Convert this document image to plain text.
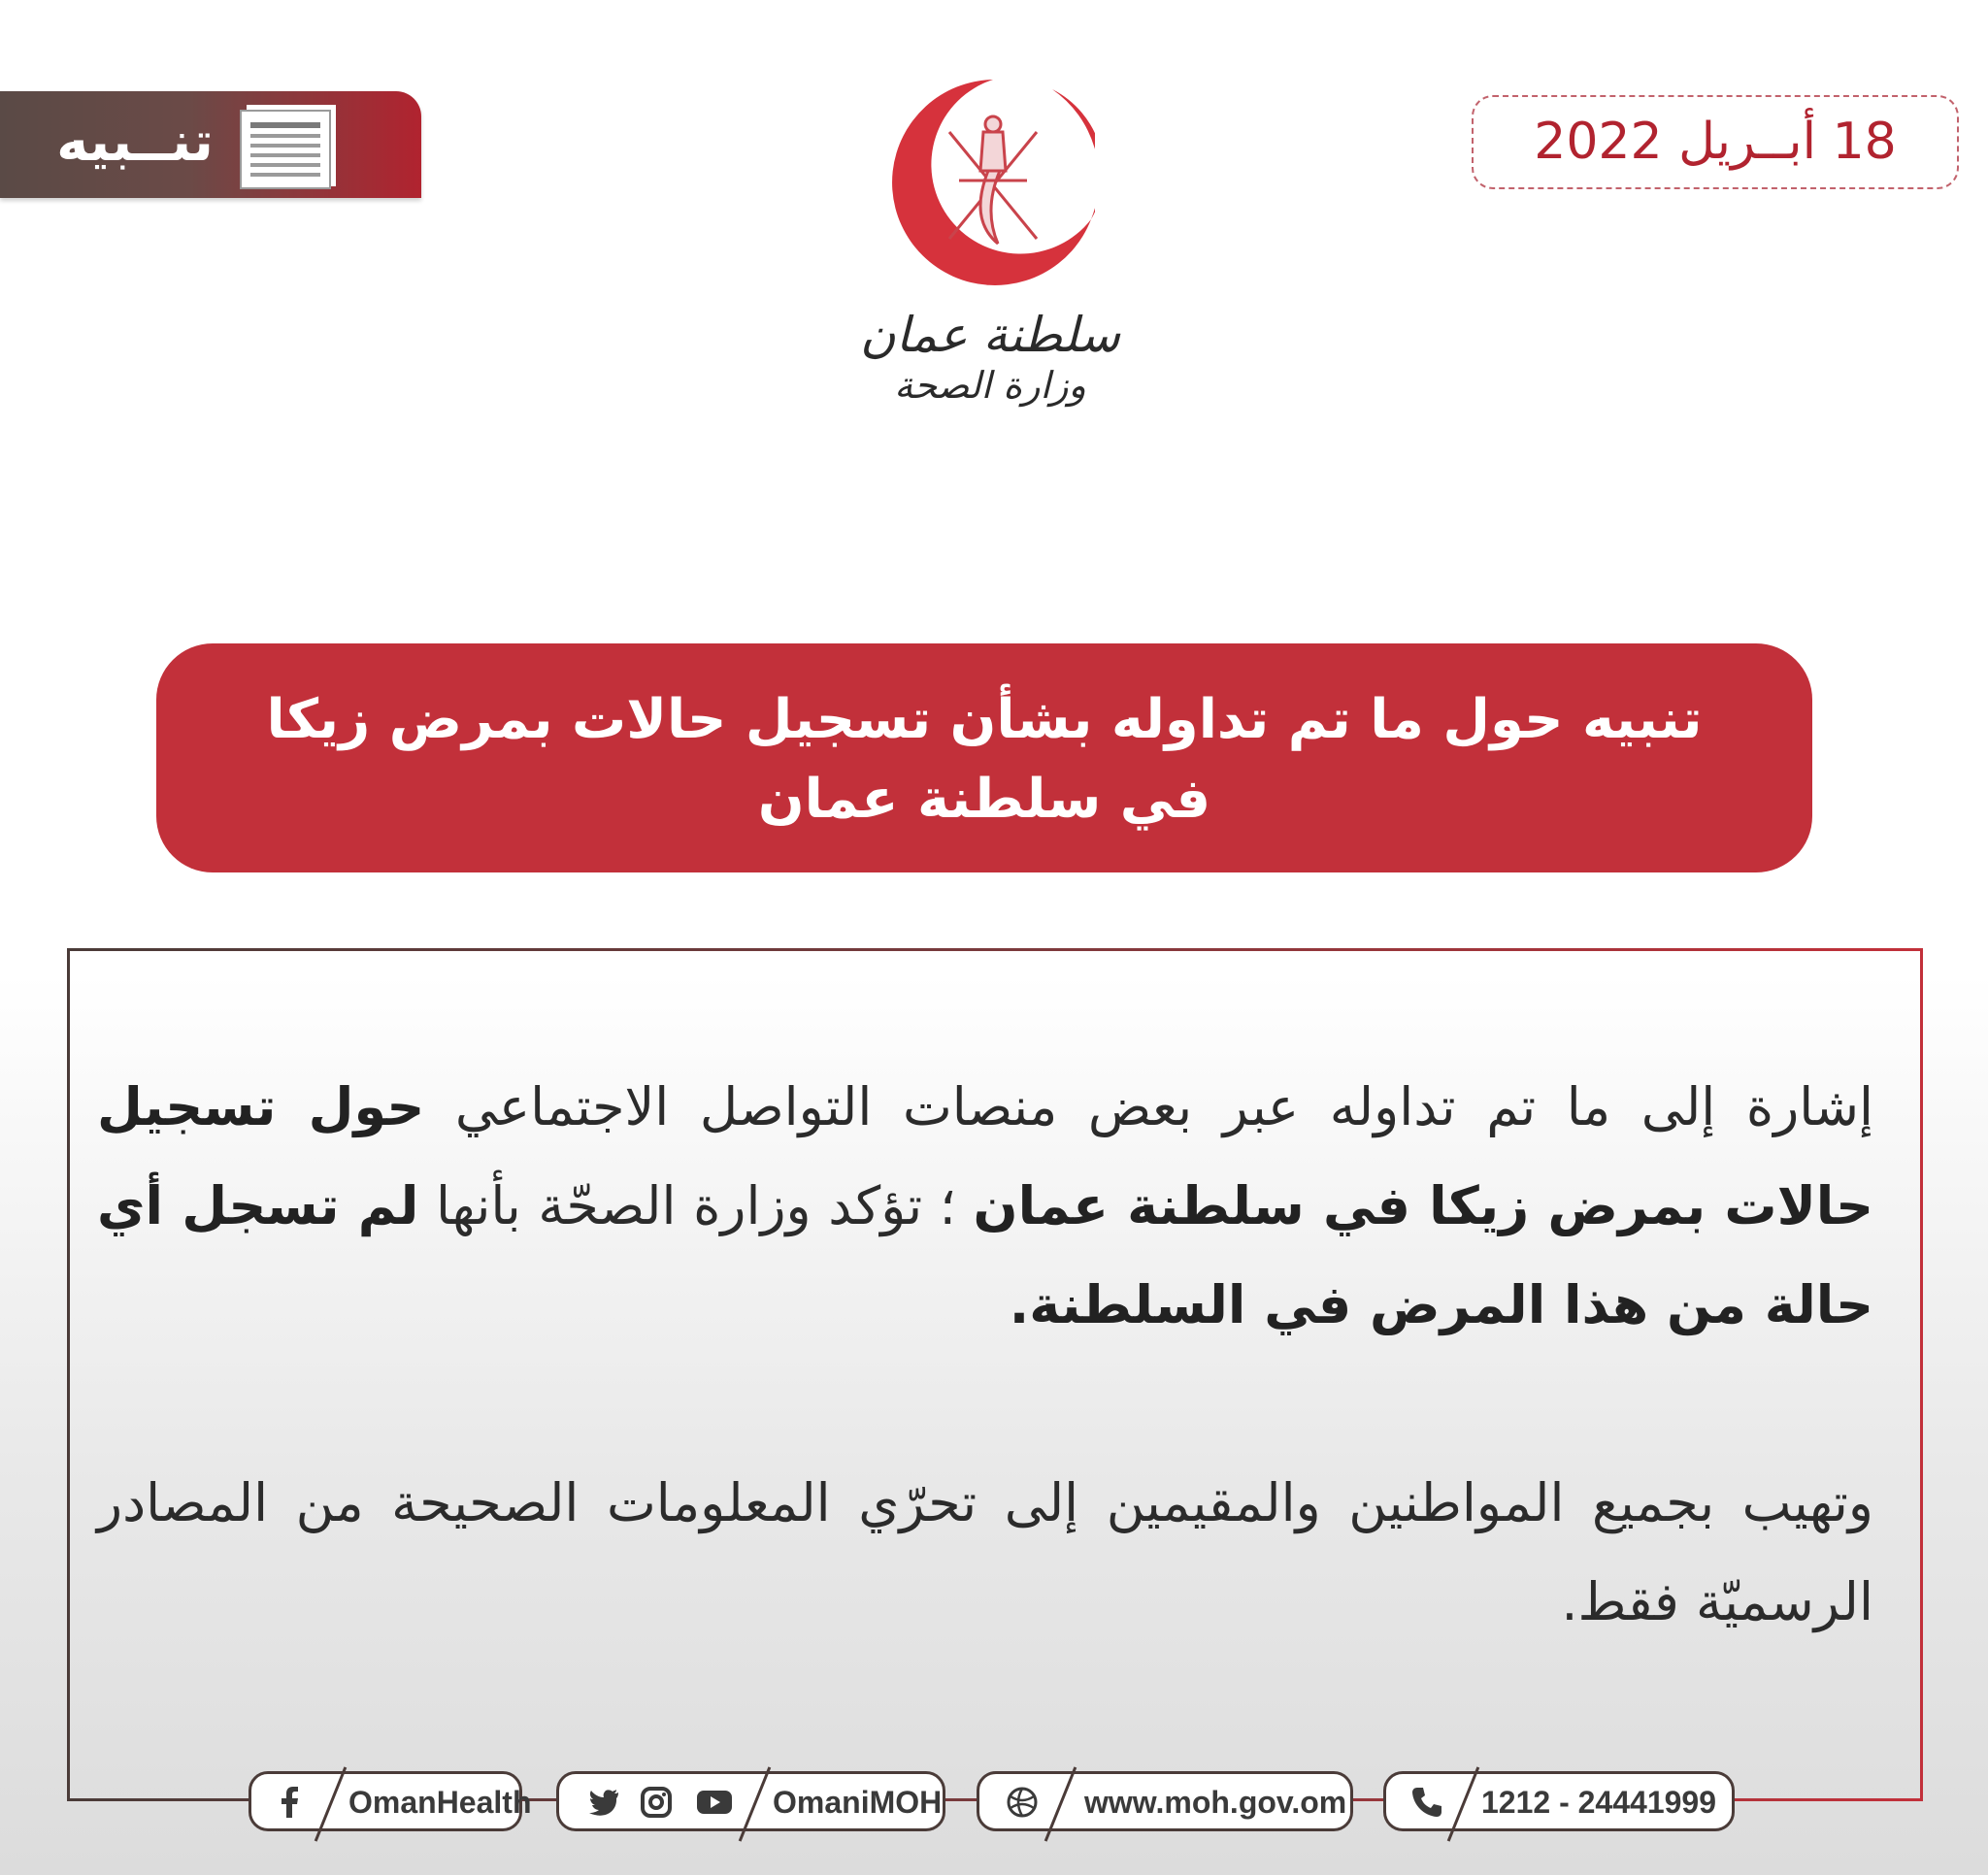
تنــبيه	18 أبــريل 2022
سلطنة عمان
وزارة الصحة
تنبيه حول ما تم تداوله بشأن تسجيل حالات بمرض زيكا في سلطنة عمان

إشارة إلى ما تم تداوله عبر بعض منصات التواصل الاجتماعي حول تسجيل حالات بمرض زيكا في سلطنة عمان ؛ تؤكد وزارة الصحّة بأنها لم تسجل أي حالة من هذا المرض في السلطنة.

وتهيب بجميع المواطنين والمقيمين إلى تحرّي المعلومات الصحيحة من المصادر الرسميّة فقط.

OmanHealth	OmaniMOH	www.moh.gov.om	1212 - 24441999
